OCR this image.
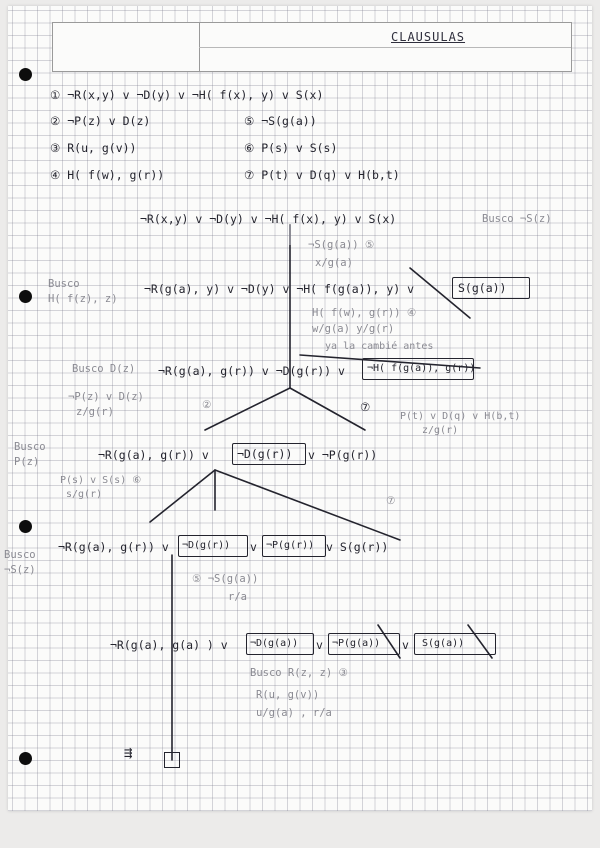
CLAUSULAS
① ¬R(x,y) v ¬D(y) v ¬H( f(x), y) v S(x)
② ¬P(z) v D(z)	⑤ ¬S(g(a))
③ R(u, g(v))	⑥ P(s) v S(s)
④ H( f(w), g(r))	⑦ P(t) v D(q) v H(b,t)
¬R(x,y) v ¬D(y) v ¬H( f(x), y) v S(x)	Busco ¬S(z)
¬S(g(a)) ⑤
x/g(a)
Busco
H( f(z), z)
¬R(g(a), y) v ¬D(y) v ¬H( f(g(a)), y) v	S(g(a))
H( f(w), g(r)) ④
w/g(a) y/g(r)
ya la cambié antes
Busco D(z) ¬R(g(a), g(r)) v ¬D(g(r)) v ¬H( f(g(a)), g(r))
¬P(z) v D(z)
z/g(r)
②	⑦
P(t) v D(q) v H(b,t)
z/g(r)
Busco
P(z)	¬R(g(a), g(r)) v ¬D(g(r)) v ¬P(g(r))
P(s) v S(s) ⑥
s/g(r)
⑦
Busco
¬S(z)
¬R(g(a), g(r)) v ¬D(g(r)) v ¬P(g(r)) v S(g(r))
⑤ ¬S(g(a))
r/a
¬R(g(a), g(a) ) v ¬D(g(a)) v ¬P(g(a)) v S(g(a))
Busco R(z, z) ③
R(u, g(v))
u/g(a) , r/a
⇶
